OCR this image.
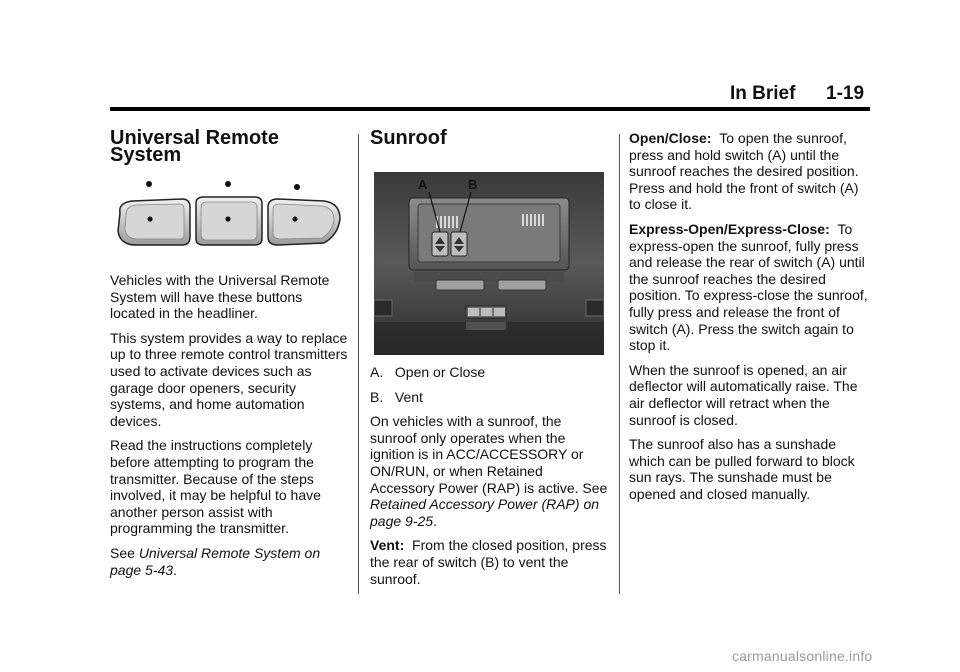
In Brief 1-19
Universal Remote System

Vehicles with the Universal Remote System will have these buttons located in the headliner.

This system provides a way to replace up to three remote control transmitters used to activate devices such as garage door openers, security systems, and home automation devices.

Read the instructions completely before attempting to program the transmitter. Because of the steps involved, it may be helpful to have another person assist with programming the transmitter.

See Universal Remote System on page 5-43.

Sunroof
A	B

A. Open or Close

B. Vent

On vehicles with a sunroof, the sunroof only operates when the ignition is in ACC/ACCESSORY or ON/RUN, or when Retained Accessory Power (RAP) is active. See Retained Accessory Power (RAP) on page 9-25.

Vent: From the closed position, press the rear of switch (B) to vent the sunroof.

Open/Close: To open the sunroof, press and hold switch (A) until the sunroof reaches the desired position. Press and hold the front of switch (A) to close it.

Express-Open/Express-Close: To express-open the sunroof, fully press and release the rear of switch (A) until the sunroof reaches the desired position. To express-close the sunroof, fully press and release the front of switch (A). Press the switch again to stop it.

When the sunroof is opened, an air deflector will automatically raise. The air deflector will retract when the sunroof is closed.

The sunroof also has a sunshade which can be pulled forward to block sun rays. The sunshade must be opened and closed manually.

carmanualsonline.info
